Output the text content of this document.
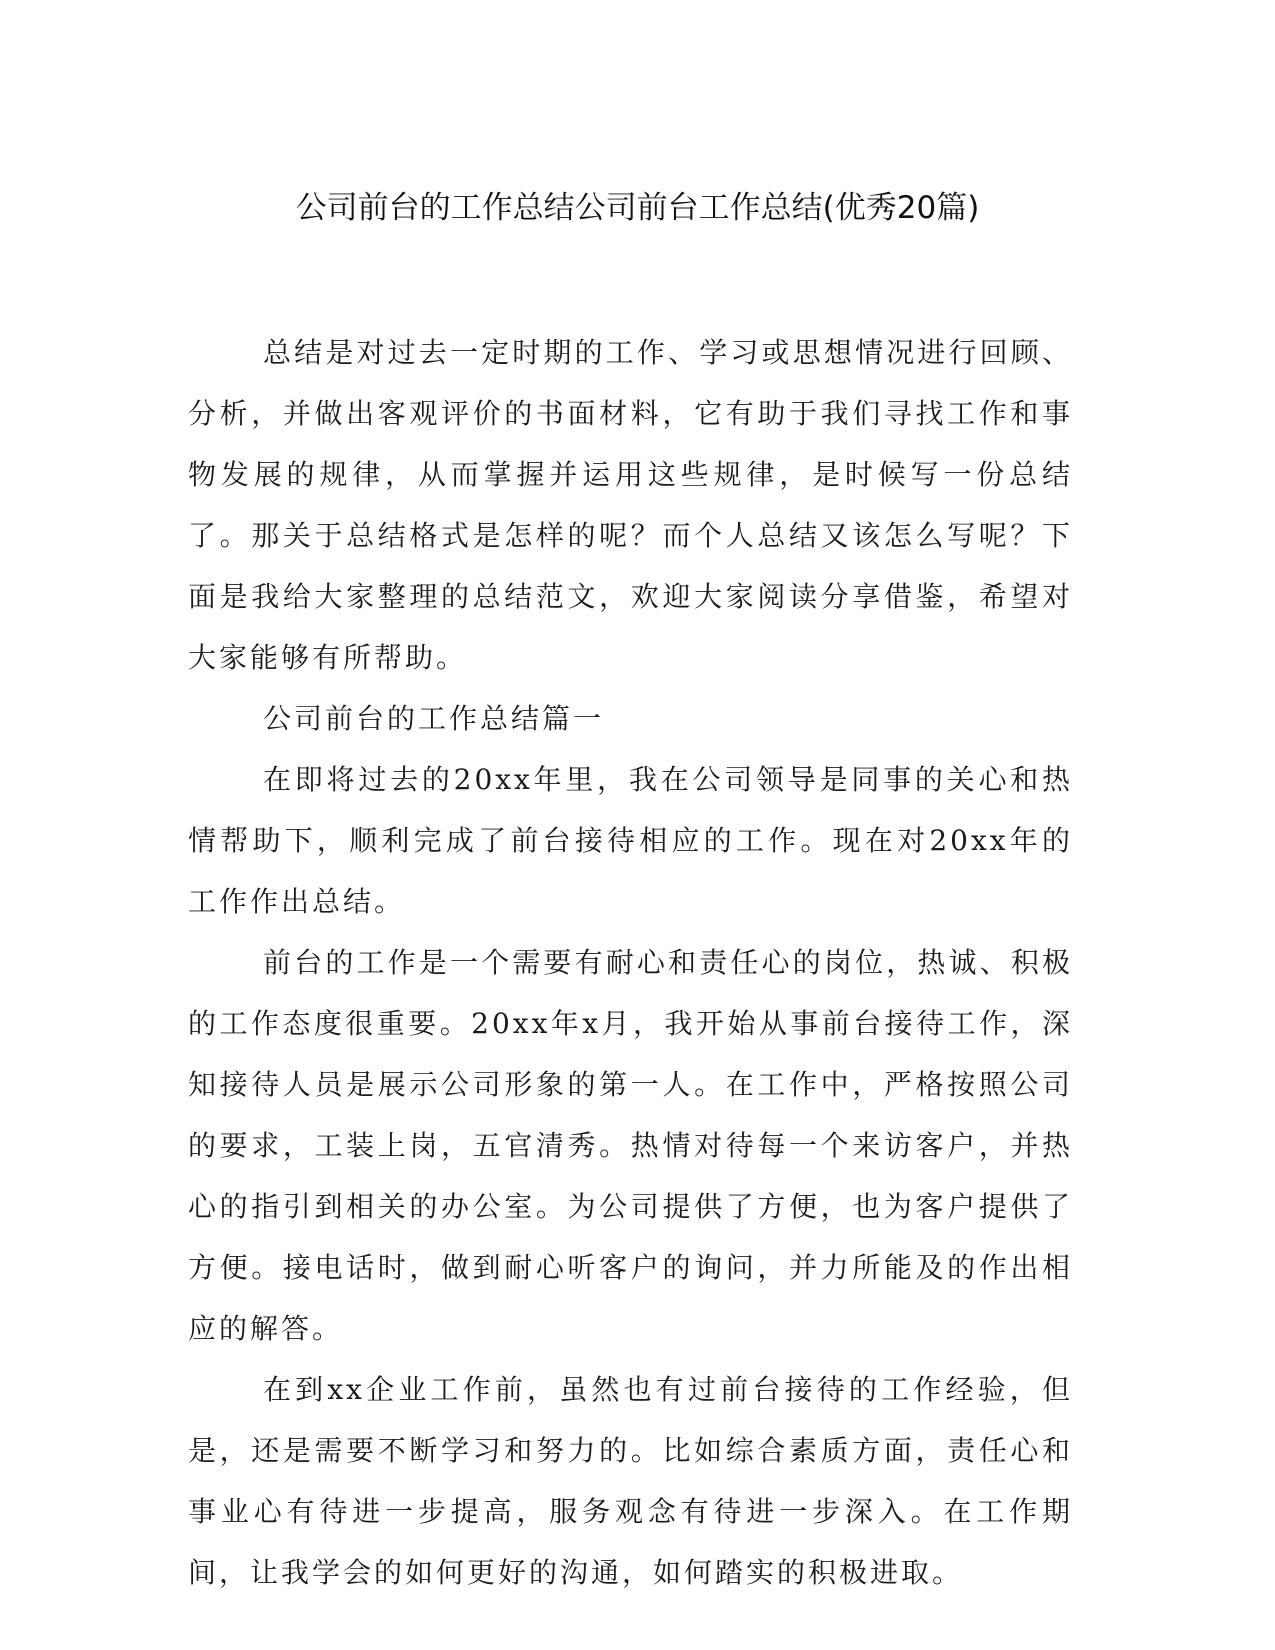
公司前台的工作总结公司前台工作总结(优秀20篇)

总结是对过去一定时期的工作、学习或思想情况进行回顾、分析，并做出客观评价的书面材料，它有助于我们寻找工作和事物发展的规律，从而掌握并运用这些规律，是时候写一份总结了。那关于总结格式是怎样的呢？而个人总结又该怎么写呢？下面是我给大家整理的总结范文，欢迎大家阅读分享借鉴，希望对大家能够有所帮助。

公司前台的工作总结篇一

在即将过去的20xx年里，我在公司领导是同事的关心和热情帮助下，顺利完成了前台接待相应的工作。现在对20xx年的工作作出总结。

前台的工作是一个需要有耐心和责任心的岗位，热诚、积极的工作态度很重要。20xx年x月，我开始从事前台接待工作，深知接待人员是展示公司形象的第一人。在工作中，严格按照公司的要求，工装上岗，五官清秀。热情对待每一个来访客户，并热心的指引到相关的办公室。为公司提供了方便，也为客户提供了方便。接电话时，做到耐心听客户的询问，并力所能及的作出相应的解答。

在到xx企业工作前，虽然也有过前台接待的工作经验，但是，还是需要不断学习和努力的。比如综合素质方面，责任心和事业心有待进一步提高，服务观念有待进一步深入。在工作期间，让我学会的如何更好的沟通，如何踏实的积极进取。
